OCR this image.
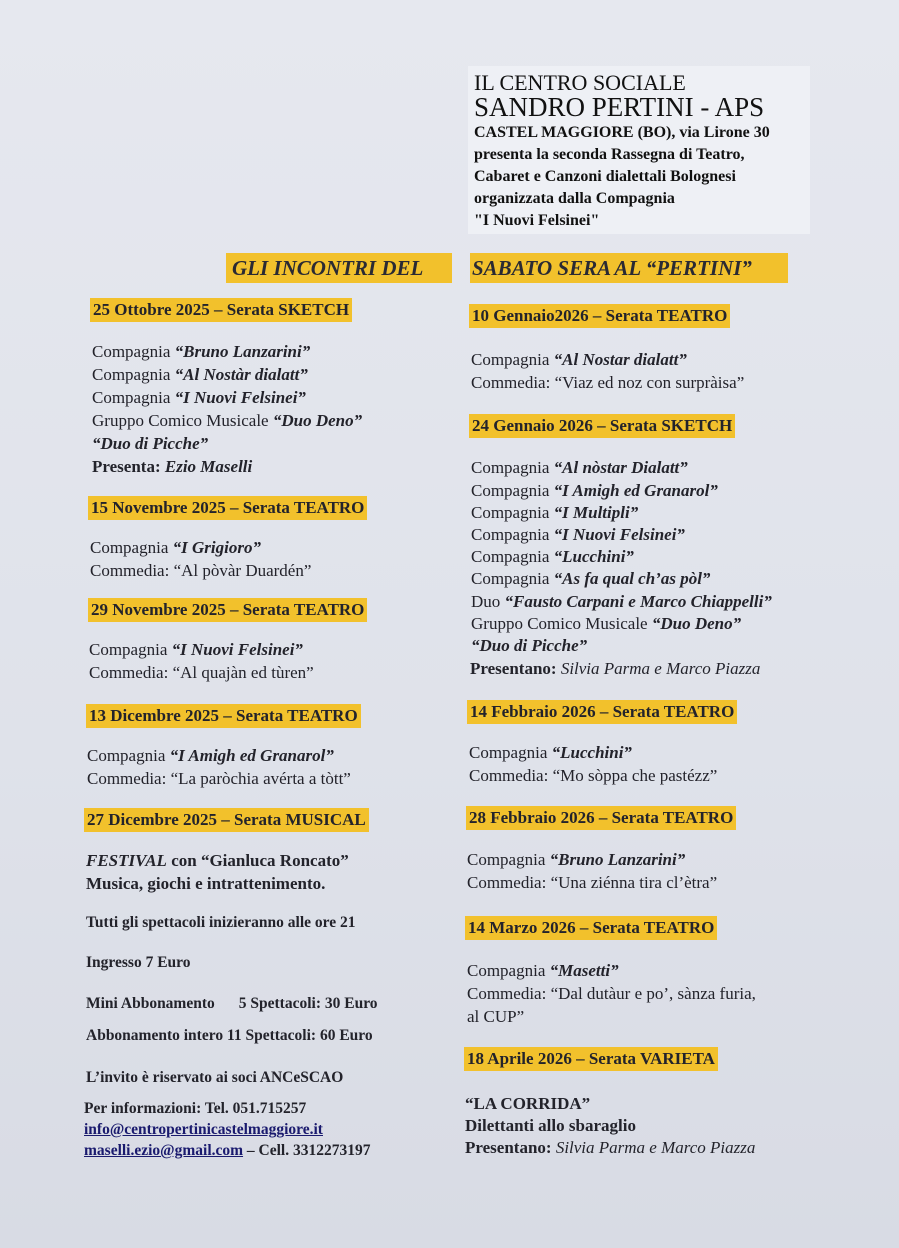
IL CENTRO SOCIALE
SANDRO PERTINI - APS
CASTEL MAGGIORE (BO), via Lirone 30
presenta la seconda Rassegna di Teatro,
Cabaret e Canzoni dialettali Bolognesi
organizzata dalla Compagnia
"I Nuovi Felsinei"
GLI INCONTRI DEL	SABATO SERA AL “PERTINI”
25 Ottobre 2025 – Serata SKETCH
Compagnia “Bruno Lanzarini”
Compagnia “Al Nostàr dialatt”
Compagnia “I Nuovi Felsinei”
Gruppo Comico Musicale “Duo Deno”
“Duo di Picche”
Presenta: Ezio Maselli
15 Novembre 2025 – Serata TEATRO
Compagnia “I Grigioro”
Commedia: “Al pòvàr Duardén”
29 Novembre 2025 – Serata TEATRO
Compagnia “I Nuovi Felsinei”
Commedia: “Al quajàn ed tùren”
13 Dicembre 2025 – Serata TEATRO
Compagnia “I Amigh ed Granarol”
Commedia: “La paròchia avérta a tòtt”
27 Dicembre 2025 – Serata MUSICAL
FESTIVAL con “Gianluca Roncato”
Musica, giochi e intrattenimento.
Tutti gli spettacoli inizieranno alle ore 21
Ingresso 7 Euro
Mini Abbonamento 5 Spettacoli: 30 Euro
Abbonamento intero 11 Spettacoli: 60 Euro
L’invito è riservato ai soci ANCeSCAO
Per informazioni: Tel. 051.715257
info@centropertinicastelmaggiore.it
maselli.ezio@gmail.com – Cell. 3312273197
10 Gennaio2026 – Serata TEATRO
Compagnia “Al Nostar dialatt”
Commedia: “Viaz ed noz con surpràisa”
24 Gennaio 2026 – Serata SKETCH
Compagnia “Al nòstar Dialatt”
Compagnia “I Amigh ed Granarol”
Compagnia “I Multipli”
Compagnia “I Nuovi Felsinei”
Compagnia “Lucchini”
Compagnia “As fa qual ch’as pòl”
Duo “Fausto Carpani e Marco Chiappelli”
Gruppo Comico Musicale “Duo Deno”
“Duo di Picche”
Presentano: Silvia Parma e Marco Piazza
14 Febbraio 2026 – Serata TEATRO
Compagnia “Lucchini”
Commedia: “Mo sòppa che pastézz”
28 Febbraio 2026 – Serata TEATRO
Compagnia “Bruno Lanzarini”
Commedia: “Una ziénna tira cl’ètra”
14 Marzo 2026 – Serata TEATRO
Compagnia “Masetti”
Commedia: “Dal dutàur e po’, sànza furia,
al CUP”
18 Aprile 2026 – Serata VARIETA
“LA CORRIDA”
Dilettanti allo sbaraglio
Presentano: Silvia Parma e Marco Piazza
